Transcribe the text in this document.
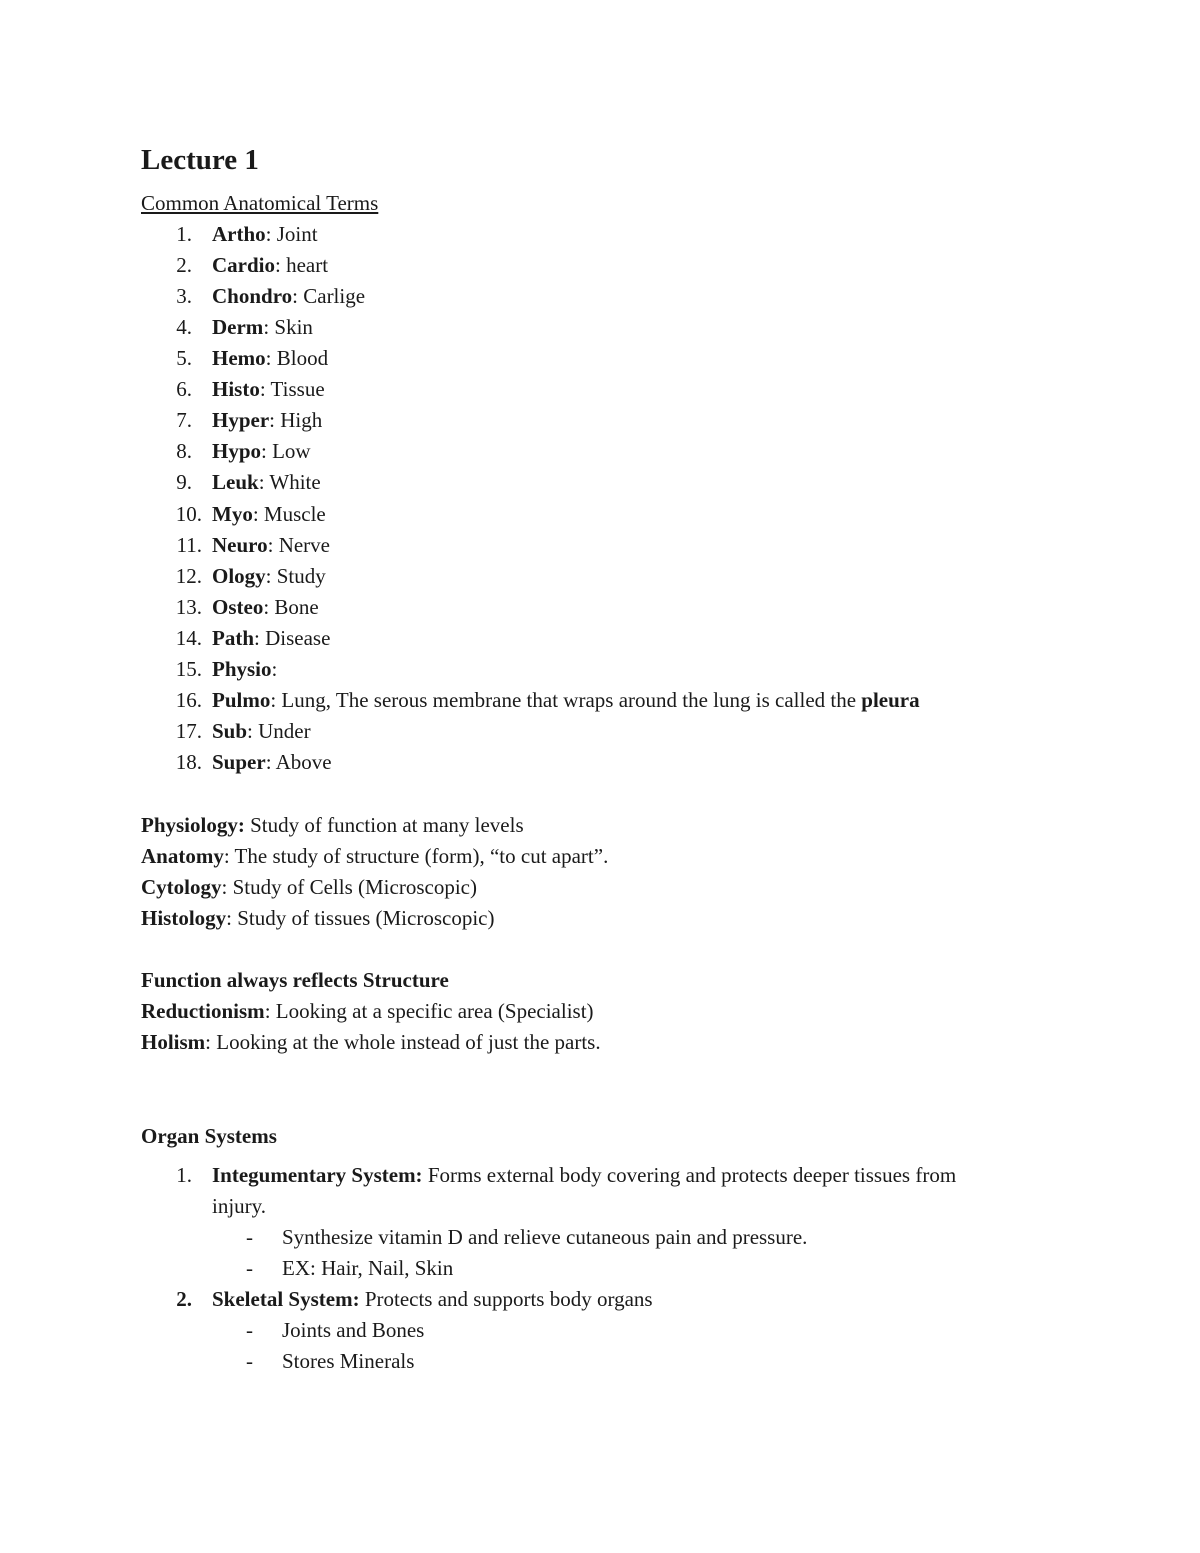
Lecture 1
Common Anatomical Terms
1. Artho: Joint
2. Cardio: heart
3. Chondro: Carlige
4. Derm: Skin
5. Hemo: Blood
6. Histo: Tissue
7. Hyper: High
8. Hypo: Low
9. Leuk: White
10. Myo: Muscle
11. Neuro: Nerve
12. Ology: Study
13. Osteo: Bone
14. Path: Disease
15. Physio:
16. Pulmo: Lung, The serous membrane that wraps around the lung is called the pleura
17. Sub: Under
18. Super: Above
Physiology: Study of function at many levels
Anatomy: The study of structure (form), “to cut apart”.
Cytology: Study of Cells (Microscopic)
Histology: Study of tissues (Microscopic)
Function always reflects Structure
Reductionism: Looking at a specific area (Specialist)
Holism: Looking at the whole instead of just the parts.
Organ Systems
1. Integumentary System: Forms external body covering and protects deeper tissues from
injury.
- Synthesize vitamin D and relieve cutaneous pain and pressure.
- EX: Hair, Nail, Skin
2. Skeletal System: Protects and supports body organs
- Joints and Bones
- Stores Minerals
